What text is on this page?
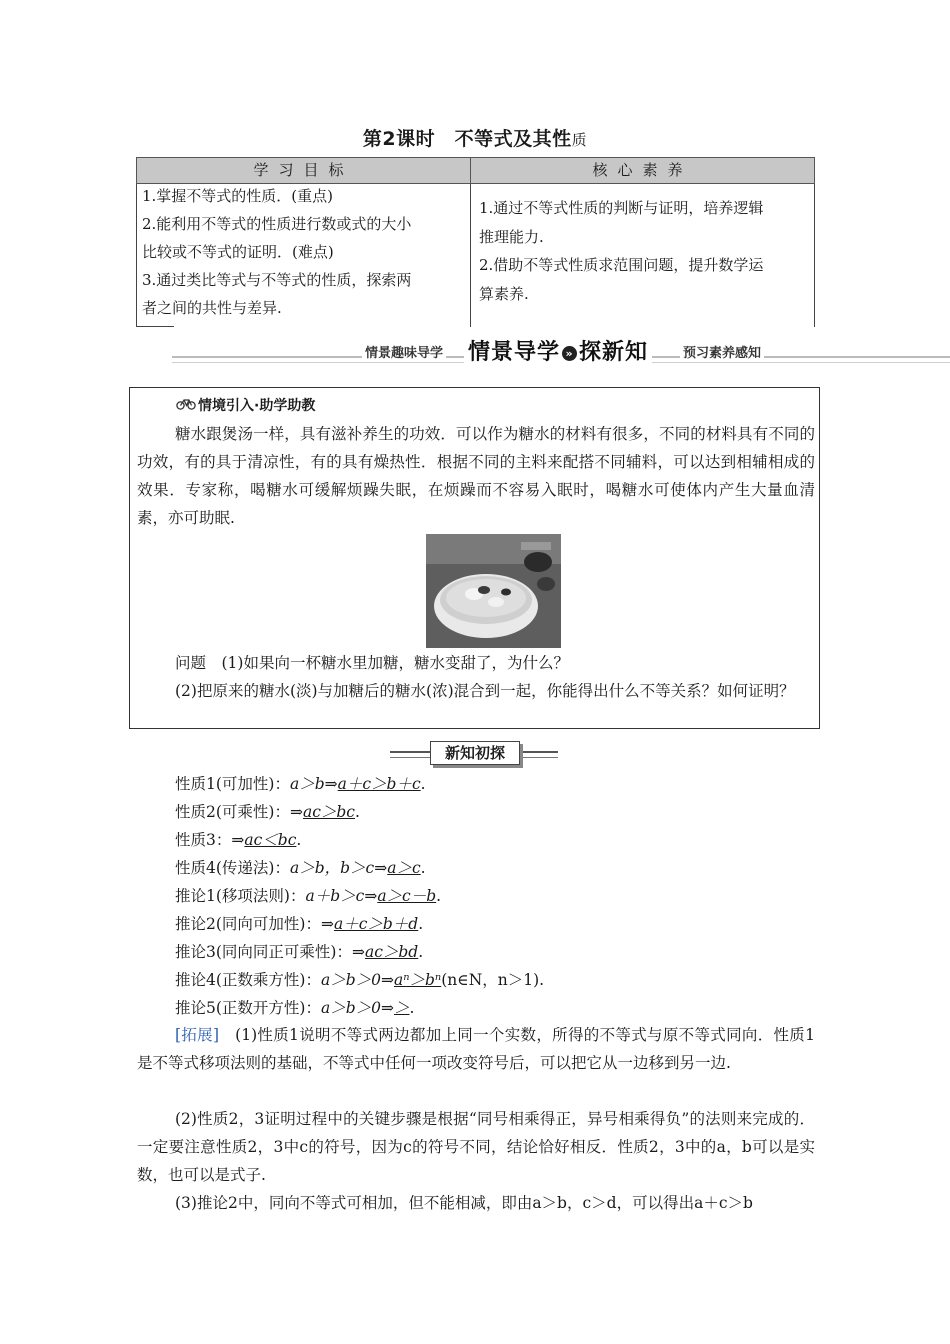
第2课时　不等式及其性质
学习目标	核心素养
1.掌握不等式的性质．(重点)
2.能利用不等式的性质进行数或式的大小
比较或不等式的证明．(难点)
3.通过类比等式与不等式的性质，探索两
者之间的共性与差异.
1.通过不等式性质的判断与证明，培养逻辑
推理能力.
2.借助不等式性质求范围问题，提升数学运
算素养.
情景趣味导学 情景导学 » 探新知	预习素养感知
情境引入·助学助教
糖水跟煲汤一样，具有滋补养生的功效．可以作为糖水的材料有很多，不同的材料具有不同的功效，有的具于清凉性，有的具有燥热性．根据不同的主料来配搭不同辅料，可以达到相辅相成的效果．专家称，喝糖水可缓解烦躁失眠，在烦躁而不容易入眠时，喝糖水可使体内产生大量血清素，亦可助眠.
问题　(1)如果向一杯糖水里加糖，糖水变甜了，为什么？
(2)把原来的糖水(淡)与加糖后的糖水(浓)混合到一起，你能得出什么不等关系？如何证明？
新知初探
性质1(可加性)：a＞b⇒a＋c＞b＋c.
性质2(可乘性)：⇒ac＞bc.
性质3：⇒ac＜bc.
性质4(传递法)：a＞b，b＞c⇒a＞c.
推论1(移项法则)：a＋b＞c⇒a＞c－b.
推论2(同向可加性)：⇒a＋c＞b＋d.
推论3(同向同正可乘性)：⇒ac＞bd.
推论4(正数乘方性)：a＞b＞0⇒aⁿ＞bⁿ(n∈N，n＞1).
推论5(正数开方性)：a＞b＞0⇒＞.
[拓展]　 (1)性质1说明不等式两边都加上同一个实数，所得的不等式与原不等式同向．性质1是不等式移项法则的基础，不等式中任何一项改变符号后，可以把它从一边移到另一边.
(2)性质2，3证明过程中的关键步骤是根据“同号相乘得正，异号相乘得负”的法则来完成的．一定要注意性质2，3中c的符号，因为c的符号不同，结论恰好相反．性质2，3中的a，b可以是实数，也可以是式子.
(3)推论2中，同向不等式可相加，但不能相减，即由a＞b，c＞d，可以得出a＋c＞b
